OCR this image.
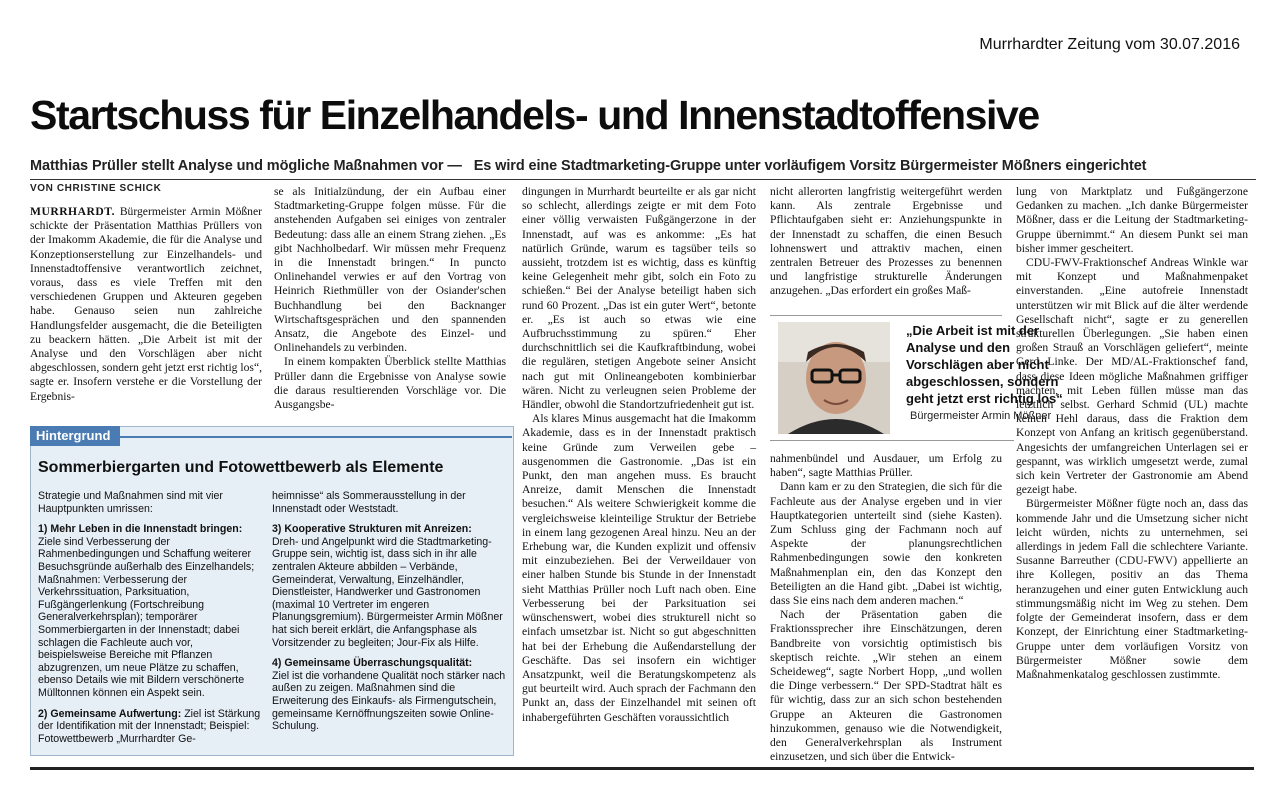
Murrhardter Zeitung vom 30.07.2016
Startschuss für Einzelhandels- und Innenstadtoffensive
Matthias Prüller stellt Analyse und mögliche Maßnahmen vor — Es wird eine Stadtmarketing-Gruppe unter vorläufigem Vorsitz Bürgermeister Mößners eingerichtet
VON CHRISTINE SCHICK

MURRHARDT. Bürgermeister Armin Mößner schickte der Präsentation Matthias Prüllers von der Imakomm Akademie, die für die Analyse und Konzeptionserstellung zur Einzelhandels- und Innenstadtoffensive verantwortlich zeichnet, voraus, dass es viele Treffen mit den verschiedenen Gruppen und Akteuren gegeben habe. Genauso seien nun zahlreiche Handlungsfelder ausgemacht, die die Beteiligten zu beackern hätten. „Die Arbeit ist mit der Analyse und den Vorschlägen aber nicht abgeschlossen, sondern geht jetzt erst richtig los“, sagte er. Insofern verstehe er die Vorstellung der Ergebnis-

se als Initialzündung, der ein Aufbau einer Stadtmarketing-Gruppe folgen müsse. Für die anstehenden Aufgaben sei einiges von zentraler Bedeutung: dass alle an einem Strang ziehen. „Es gibt Nachholbedarf. Wir müssen mehr Frequenz in die Innenstadt bringen.“ In puncto Onlinehandel verwies er auf den Vortrag von Heinrich Riethmüller von der Osiander'schen Buchhandlung bei den Backnanger Wirtschaftsgesprächen und den spannenden Ansatz, die Angebote des Einzel- und Onlinehandels zu verbinden.

In einem kompakten Überblick stellte Matthias Prüller dann die Ergebnisse von Analyse sowie die daraus resultierenden Vorschläge vor. Die Ausgangsbe-

Hintergrund
Sommerbiergarten und Fotowettbewerb als Elemente

Strategie und Maßnahmen sind mit vier Hauptpunkten umrissen:

1) Mehr Leben in die Innenstadt bringen:
Ziele sind Verbesserung der Rahmenbedingungen und Schaffung weiterer Besuchsgründe außerhalb des Einzelhandels; Maßnahmen: Verbesserung der Verkehrssituation, Parksituation, Fußgängerlenkung (Fortschreibung Generalverkehrsplan); temporärer Sommerbiergarten in der Innenstadt; dabei schlagen die Fachleute auch vor, beispielsweise Bereiche mit Pflanzen abzugrenzen, um neue Plätze zu schaffen, ebenso Details wie mit Bildern verschönerte Mülltonnen können ein Aspekt sein.

2) Gemeinsame Aufwertung: Ziel ist Stärkung der Identifikation mit der Innenstadt; Beispiel: Fotowettbewerb „Murrhardter Ge-

heimnisse“ als Sommerausstellung in der Innenstadt oder Weststadt.

3) Kooperative Strukturen mit Anreizen:
Dreh- und Angelpunkt wird die Stadtmarketing-Gruppe sein, wichtig ist, dass sich in ihr alle zentralen Akteure abbilden – Verbände, Gemeinderat, Verwaltung, Einzelhändler, Dienstleister, Handwerker und Gastronomen (maximal 10 Vertreter im engeren Planungsgremium). Bürgermeister Armin Mößner hat sich bereit erklärt, die Anfangsphase als Vorsitzender zu begleiten; Jour-Fix als Hilfe.

4) Gemeinsame Überraschungsqualität:
Ziel ist die vorhandene Qualität noch stärker nach außen zu zeigen. Maßnahmen sind die Erweiterung des Einkaufs- als Firmengutschein, gemeinsame Kernöffnungszeiten sowie Online-Schulung.

dingungen in Murrhardt beurteilte er als gar nicht so schlecht, allerdings zeigte er mit dem Foto einer völlig verwaisten Fußgängerzone in der Innenstadt, auf was es ankomme: „Es hat natürlich Gründe, warum es tagsüber teils so aussieht, trotzdem ist es wichtig, dass es künftig keine Gelegenheit mehr gibt, solch ein Foto zu schießen.“ Bei der Analyse beteiligt haben sich rund 60 Prozent. „Das ist ein guter Wert“, betonte er. „Es ist auch so etwas wie eine Aufbruchsstimmung zu spüren.“ Eher durchschnittlich sei die Kaufkraftbindung, wobei die regulären, stetigen Angebote seiner Ansicht nach gut mit Onlineangeboten kombinierbar wären. Nicht zu verleugnen seien Probleme der Händler, obwohl die Standortzufriedenheit gut ist.

Als klares Minus ausgemacht hat die Imakomm Akademie, dass es in der Innenstadt praktisch keine Gründe zum Verweilen gebe – ausgenommen die Gastronomie. „Das ist ein Punkt, den man angehen muss. Es braucht Anreize, damit Menschen die Innenstadt besuchen.“ Als weitere Schwierigkeit komme die vergleichsweise kleinteilige Struktur der Betriebe in einem lang gezogenen Areal hinzu. Neu an der Erhebung war, die Kunden explizit und offensiv mit einzubeziehen. Bei der Verweildauer von einer halben Stunde bis Stunde in der Innenstadt sieht Matthias Prüller noch Luft nach oben. Eine Verbesserung bei der Parksituation sei wünschenswert, wobei dies strukturell nicht so einfach umsetzbar ist. Nicht so gut abgeschnitten hat bei der Erhebung die Außendarstellung der Geschäfte. Das sei insofern ein wichtiger Ansatzpunkt, weil die Beratungskompetenz als gut beurteilt wird. Auch sprach der Fachmann den Punkt an, dass der Einzelhandel mit seinen oft inhabergeführten Geschäften voraussichtlich

nicht allerorten langfristig weitergeführt werden kann. Als zentrale Ergebnisse und Pflichtaufgaben sieht er: Anziehungspunkte in der Innenstadt zu schaffen, die einen Besuch lohnenswert und attraktiv machen, einen zentralen Betreuer des Prozesses zu benennen und langfristige strukturelle Änderungen anzugehen. „Das erfordert ein großes Maß-

„Die Arbeit ist mit der Analyse und den Vorschlägen aber nicht abgeschlossen, sondern geht jetzt erst richtig los“
Bürgermeister Armin Mößner

nahmenbündel und Ausdauer, um Erfolg zu haben“, sagte Matthias Prüller.

Dann kam er zu den Strategien, die sich für die Fachleute aus der Analyse ergeben und in vier Hauptkategorien unterteilt sind (siehe Kasten). Zum Schluss ging der Fachmann noch auf Aspekte der planungsrechtlichen Rahmenbedingungen sowie den konkreten Maßnahmenplan ein, den das Konzept den Beteiligten an die Hand gibt. „Dabei ist wichtig, dass Sie eins nach dem anderen machen.“

Nach der Präsentation gaben die Fraktionssprecher ihre Einschätzungen, deren Bandbreite von vorsichtig optimistisch bis skeptisch reichte. „Wir stehen an einem Scheideweg“, sagte Norbert Hopp, „und wollen die Dinge verbessern.“ Der SPD-Stadtrat hält es für wichtig, dass zur an sich schon bestehenden Gruppe an Akteuren die Gastronomen hinzukommen, genauso wie die Notwendigkeit, den Generalverkehrsplan als Instrument einzusetzen, und sich über die Entwick-

lung von Marktplatz und Fußgängerzone Gedanken zu machen. „Ich danke Bürgermeister Mößner, dass er die Leitung der Stadtmarketing-Gruppe übernimmt.“ An diesem Punkt sei man bisher immer gescheitert.

CDU-FWV-Fraktionschef Andreas Winkle war mit Konzept und Maßnahmenpaket einverstanden. „Eine autofreie Innenstadt unterstützen wir mit Blick auf die älter werdende Gesellschaft nicht“, sagte er zu generellen strukturellen Überlegungen. „Sie haben einen großen Strauß an Vorschlägen geliefert“, meinte Gerd Linke. Der MD/AL-Fraktionschef fand, dass diese Ideen mögliche Maßnahmen griffiger machten, mit Leben füllen müsse man das letztlich selbst. Gerhard Schmid (UL) machte keinen Hehl daraus, dass die Fraktion dem Konzept von Anfang an kritisch gegenüberstand. Angesichts der umfangreichen Unterlagen sei er gespannt, was wirklich umgesetzt werde, zumal sich kein Vertreter der Gastronomie am Abend gezeigt habe.

Bürgermeister Mößner fügte noch an, dass das kommende Jahr und die Umsetzung sicher nicht leicht würden, nichts zu unternehmen, sei allerdings in jedem Fall die schlechtere Variante. Susanne Barreuther (CDU-FWV) appellierte an ihre Kollegen, positiv an das Thema heranzugehen und einer guten Entwicklung auch stimmungsmäßig nicht im Weg zu stehen. Dem folgte der Gemeinderat insofern, dass er dem Konzept, der Einrichtung einer Stadtmarketing-Gruppe unter dem vorläufigen Vorsitz von Bürgermeister Mößner sowie dem Maßnahmenkatalog geschlossen zustimmte.
